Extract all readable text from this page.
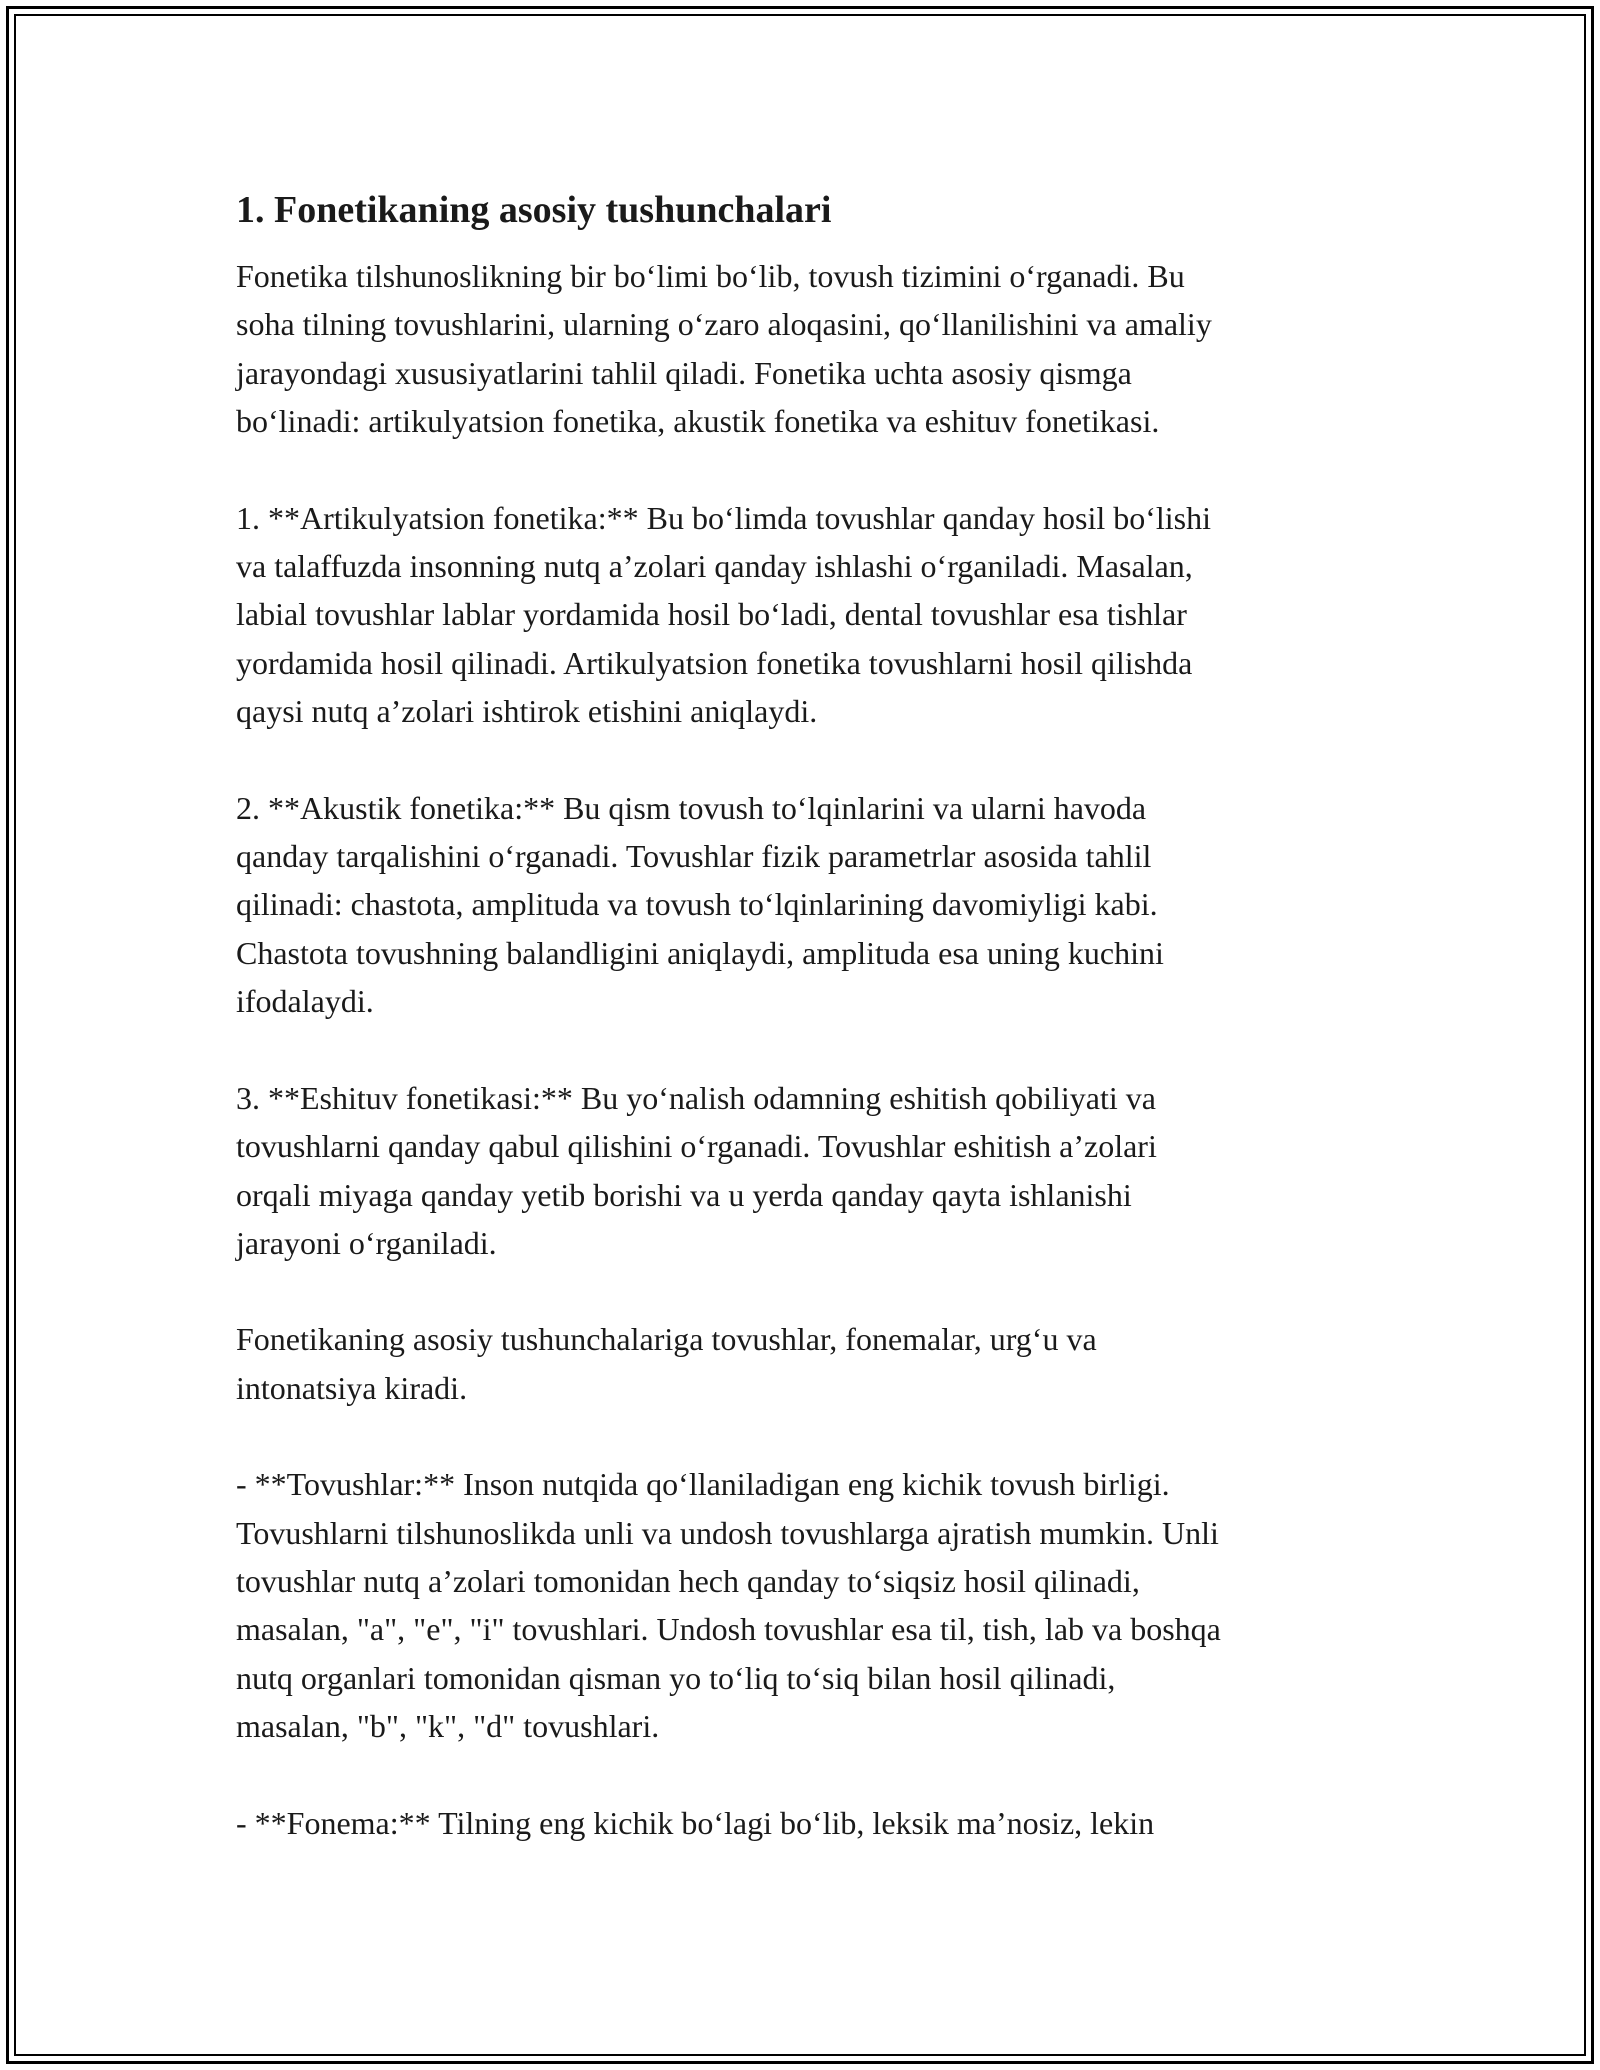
1. Fonetikaning asosiy tushunchalari
Fonetika tilshunoslikning bir bo‘limi bo‘lib, tovush tizimini o‘rganadi. Bu
soha tilning tovushlarini, ularning o‘zaro aloqasini, qo‘llanilishini va amaliy
jarayondagi xususiyatlarini tahlil qiladi. Fonetika uchta asosiy qismga
bo‘linadi: artikulyatsion fonetika, akustik fonetika va eshituv fonetikasi.
1. **Artikulyatsion fonetika:** Bu bo‘limda tovushlar qanday hosil bo‘lishi
va talaffuzda insonning nutq a’zolari qanday ishlashi o‘rganiladi. Masalan,
labial tovushlar lablar yordamida hosil bo‘ladi, dental tovushlar esa tishlar
yordamida hosil qilinadi. Artikulyatsion fonetika tovushlarni hosil qilishda
qaysi nutq a’zolari ishtirok etishini aniqlaydi.
2. **Akustik fonetika:** Bu qism tovush to‘lqinlarini va ularni havoda
qanday tarqalishini o‘rganadi. Tovushlar fizik parametrlar asosida tahlil
qilinadi: chastota, amplituda va tovush to‘lqinlarining davomiyligi kabi.
Chastota tovushning balandligini aniqlaydi, amplituda esa uning kuchini
ifodalaydi.
3. **Eshituv fonetikasi:** Bu yo‘nalish odamning eshitish qobiliyati va
tovushlarni qanday qabul qilishini o‘rganadi. Tovushlar eshitish a’zolari
orqali miyaga qanday yetib borishi va u yerda qanday qayta ishlanishi
jarayoni o‘rganiladi.
Fonetikaning asosiy tushunchalariga tovushlar, fonemalar, urg‘u va
intonatsiya kiradi.
- **Tovushlar:** Inson nutqida qo‘llaniladigan eng kichik tovush birligi.
Tovushlarni tilshunoslikda unli va undosh tovushlarga ajratish mumkin. Unli
tovushlar nutq a’zolari tomonidan hech qanday to‘siqsiz hosil qilinadi,
masalan, "a", "e", "i" tovushlari. Undosh tovushlar esa til, tish, lab va boshqa
nutq organlari tomonidan qisman yo to‘liq to‘siq bilan hosil qilinadi,
masalan, "b", "k", "d" tovushlari.
- **Fonema:** Tilning eng kichik bo‘lagi bo‘lib, leksik ma’nosiz, lekin
